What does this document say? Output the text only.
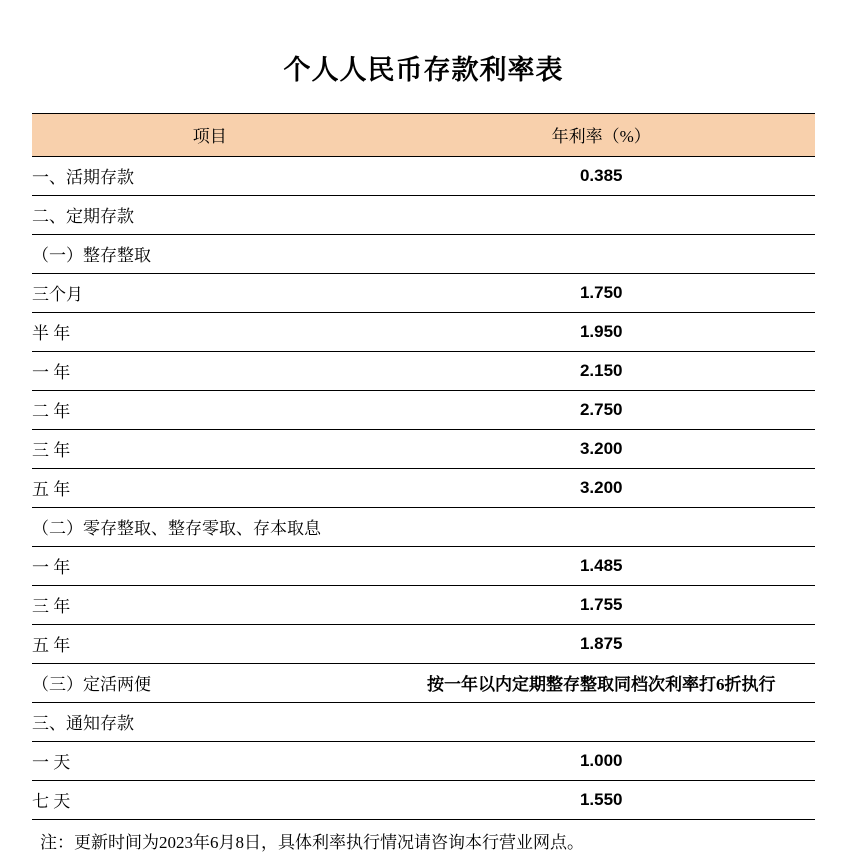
个人人民币存款利率表
项目	年利率（%）
一、活期存款	0.385
二、定期存款	
（一）整存整取	
三个月	1.750
半 年	1.950
一 年	2.150
二 年	2.750
三 年	3.200
五 年	3.200
（二）零存整取、整存零取、存本取息	
一 年	1.485
三 年	1.755
五 年	1.875
（三）定活两便	按一年以内定期整存整取同档次利率打6折执行
三、通知存款	
一 天	1.000
七 天	1.550
注：更新时间为2023年6月8日，具体利率执行情况请咨询本行营业网点。
